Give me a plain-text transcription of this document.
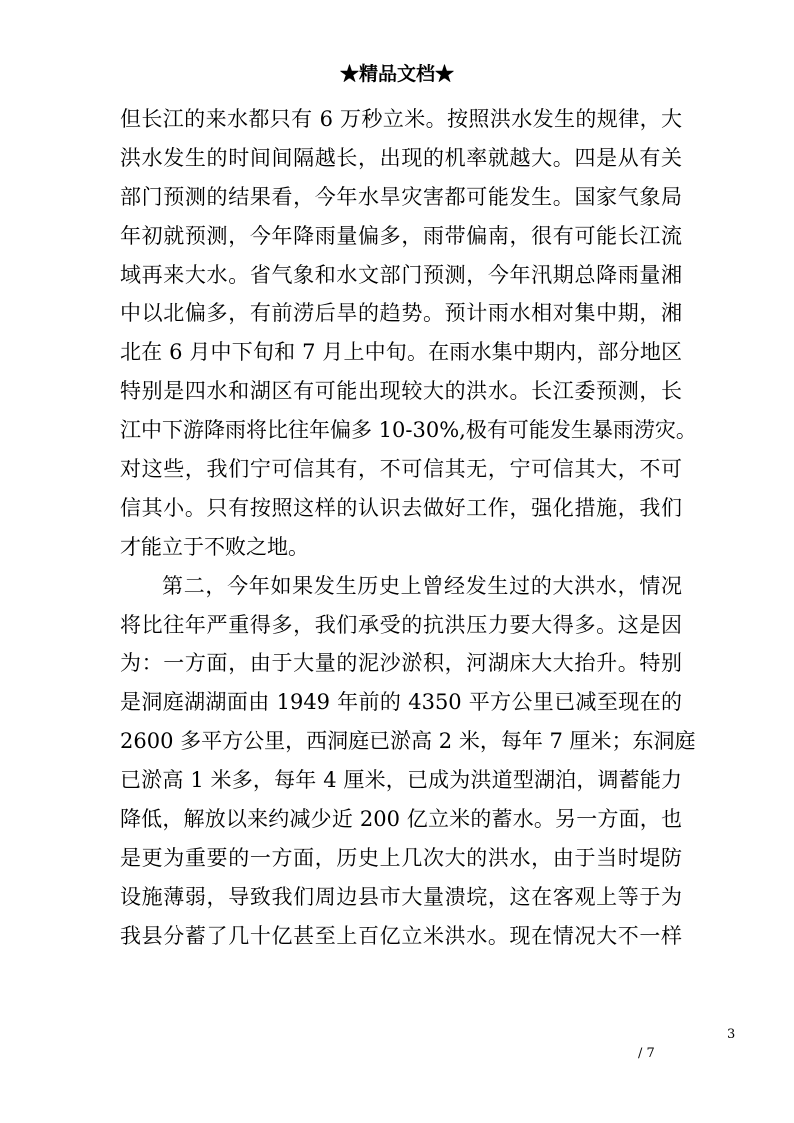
★精品文档★
但长江的来水都只有 6 万秒立米。按照洪水发生的规律，大
洪水发生的时间间隔越长，出现的机率就越大。四是从有关
部门预测的结果看，今年水旱灾害都可能发生。国家气象局
年初就预测，今年降雨量偏多，雨带偏南，很有可能长江流
域再来大水。省气象和水文部门预测，今年汛期总降雨量湘
中以北偏多，有前涝后旱的趋势。预计雨水相对集中期，湘
北在 6 月中下旬和 7 月上中旬。在雨水集中期内，部分地区
特别是四水和湖区有可能出现较大的洪水。长江委预测，长
江中下游降雨将比往年偏多 10-30%,极有可能发生暴雨涝灾。
对这些，我们宁可信其有，不可信其无，宁可信其大，不可
信其小。只有按照这样的认识去做好工作，强化措施，我们
才能立于不败之地。
第二，今年如果发生历史上曾经发生过的大洪水，情况
将比往年严重得多，我们承受的抗洪压力要大得多。这是因
为：一方面，由于大量的泥沙淤积，河湖床大大抬升。特别
是洞庭湖湖面由 1949 年前的 4350 平方公里已减至现在的
2600 多平方公里，西洞庭已淤高 2 米，每年 7 厘米；东洞庭
已淤高 1 米多，每年 4 厘米，已成为洪道型湖泊，调蓄能力
降低，解放以来约减少近 200 亿立米的蓄水。另一方面，也
是更为重要的一方面，历史上几次大的洪水，由于当时堤防
设施薄弱，导致我们周边县市大量溃垸，这在客观上等于为
我县分蓄了几十亿甚至上百亿立米洪水。现在情况大不一样
3
/ 7
